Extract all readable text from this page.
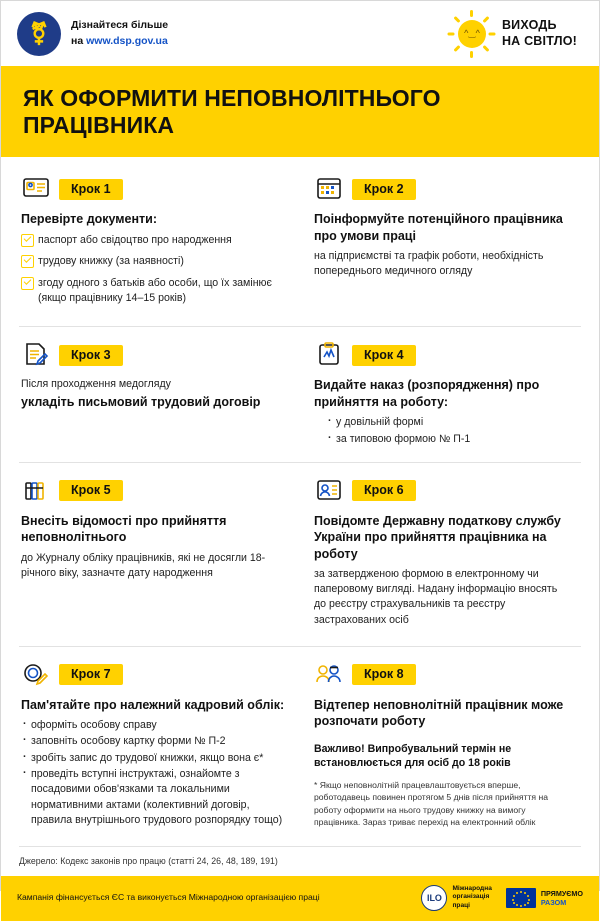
⚧ Дізнайтеся більше
на www.dsp.gov.ua
^‿^
ВИХОДЬ
НА СВІТЛО!
ЯК ОФОРМИТИ НЕПОВНОЛІТНЬОГО ПРАЦІВНИКА
Крок 1
Перевірте документи:
паспорт або свідоцтво про народження
трудову книжку (за наявності)
згоду одного з батьків або особи, що їх замінює (якщо працівнику 14–15 років)
Крок 2
Поінформуйте потенційного працівника про умови праці
на підприємстві та графік роботи, необхідність попереднього медичного огляду
Крок 3
Після проходження медогляду
укладіть письмовий трудовий договір
Крок 4
Видайте наказ (розпорядження) про прийняття на роботу:
· у довільній формі
· за типовою формою № П-1
Крок 5
Внесіть відомості про прийняття неповнолітнього
до Журналу обліку працівників, які не досягли 18-річного віку, зазначте дату народження
Крок 6
Повідомте Державну податкову службу України про прийняття працівника на роботу
за затвердженою формою в електронному чи паперовому вигляді. Надану інформацію вносять до реєстру страхувальників та реєстру застрахованих осіб
Крок 7
Пам'ятайте про належний кадровий облік:
· оформіть особову справу
· заповніть особову картку форми № П-2
· зробіть запис до трудової книжки, якщо вона є*
· проведіть вступні інструктажі, ознайомте з посадовими обов'язками та локальними нормативними актами (колективний договір, правила внутрішнього трудового розпорядку тощо)
Крок 8
Відтепер неповнолітній працівник може розпочати роботу
Важливо! Випробувальний термін не встановлюється для осіб до 18 років
* Якщо неповнолітній працевлаштовується вперше, роботодавець повинен протягом 5 днів після прийняття на роботу оформити на нього трудову книжку на вимогу працівника. Зараз триває перехід на електронний облік
Джерело: Кодекс законів про працю (статті 24, 26, 48, 189, 191)
Кампанія фінансується ЄС та виконується Міжнародною організацією праці	ILO
Міжнародна
організація
праці
ПРЯМУЄМО
РАЗОМ
